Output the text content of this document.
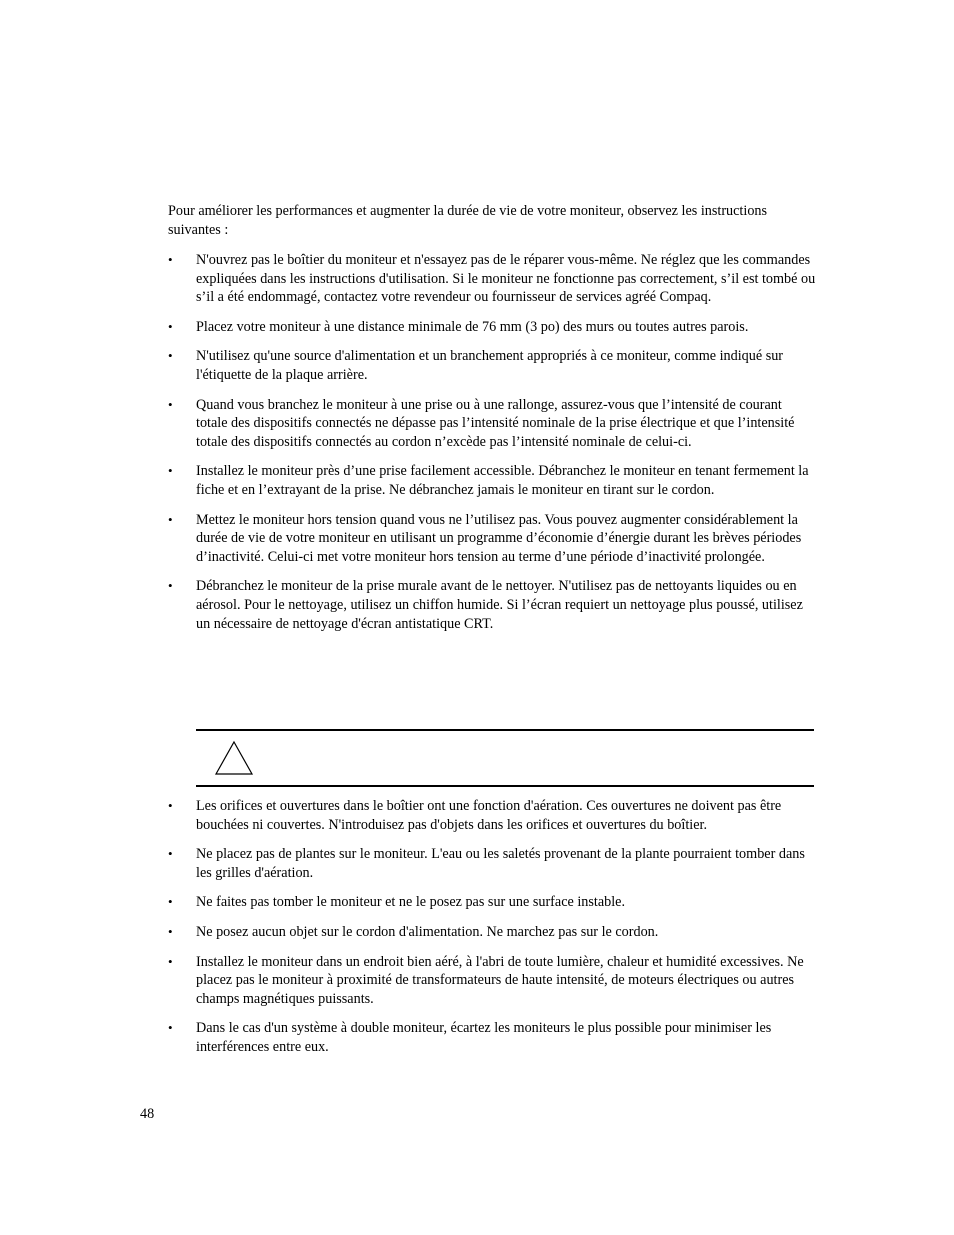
Pour améliorer les performances et augmenter la durée de vie de votre moniteur, observez les instructions suivantes :

• N'ouvrez pas le boîtier du moniteur et n'essayez pas de le réparer vous-même. Ne réglez que les commandes expliquées dans les instructions d'utilisation. Si le moniteur ne fonctionne pas correctement, s’il est tombé ou s’il a été endommagé, contactez votre revendeur ou fournisseur de services agréé Compaq.
• Placez votre moniteur à une distance minimale de 76 mm (3 po) des murs ou toutes autres parois.
• N'utilisez qu'une source d'alimentation et un branchement appropriés à ce moniteur, comme indiqué sur l'étiquette de la plaque arrière.
• Quand vous branchez le moniteur à une prise ou à une rallonge, assurez-vous que l’intensité de courant totale des dispositifs connectés ne dépasse pas l’intensité nominale de la prise électrique et que l’intensité totale des dispositifs connectés au cordon n’excède pas l’intensité nominale de celui-ci.
• Installez le moniteur près d’une prise facilement accessible. Débranchez le moniteur en tenant fermement la fiche et en l’extrayant de la prise. Ne débranchez jamais le moniteur en tirant sur le cordon.
• Mettez le moniteur hors tension quand vous ne l’utilisez pas. Vous pouvez augmenter considérablement la durée de vie de votre moniteur en utilisant un programme d’économie d’énergie durant les brèves périodes d’inactivité. Celui-ci met votre moniteur hors tension au terme d’une période d’inactivité prolongée.
• Débranchez le moniteur de la prise murale avant de le nettoyer. N'utilisez pas de nettoyants liquides ou en aérosol. Pour le nettoyage, utilisez un chiffon humide. Si l’écran requiert un nettoyage plus poussé, utilisez un nécessaire de nettoyage d'écran antistatique CRT.
• Les orifices et ouvertures dans le boîtier ont une fonction d'aération. Ces ouvertures ne doivent pas être bouchées ni couvertes. N'introduisez pas d'objets dans les orifices et ouvertures du boîtier.
• Ne placez pas de plantes sur le moniteur. L'eau ou les saletés provenant de la plante pourraient tomber dans les grilles d'aération.
• Ne faites pas tomber le moniteur et ne le posez pas sur une surface instable.
• Ne posez aucun objet sur le cordon d'alimentation. Ne marchez pas sur le cordon.
• Installez le moniteur dans un endroit bien aéré, à l'abri de toute lumière, chaleur et humidité excessives. Ne placez pas le moniteur à proximité de transformateurs de haute intensité, de moteurs électriques ou autres champs magnétiques puissants.
• Dans le cas d'un système à double moniteur, écartez les moniteurs le plus possible pour minimiser les interférences entre eux.
48
